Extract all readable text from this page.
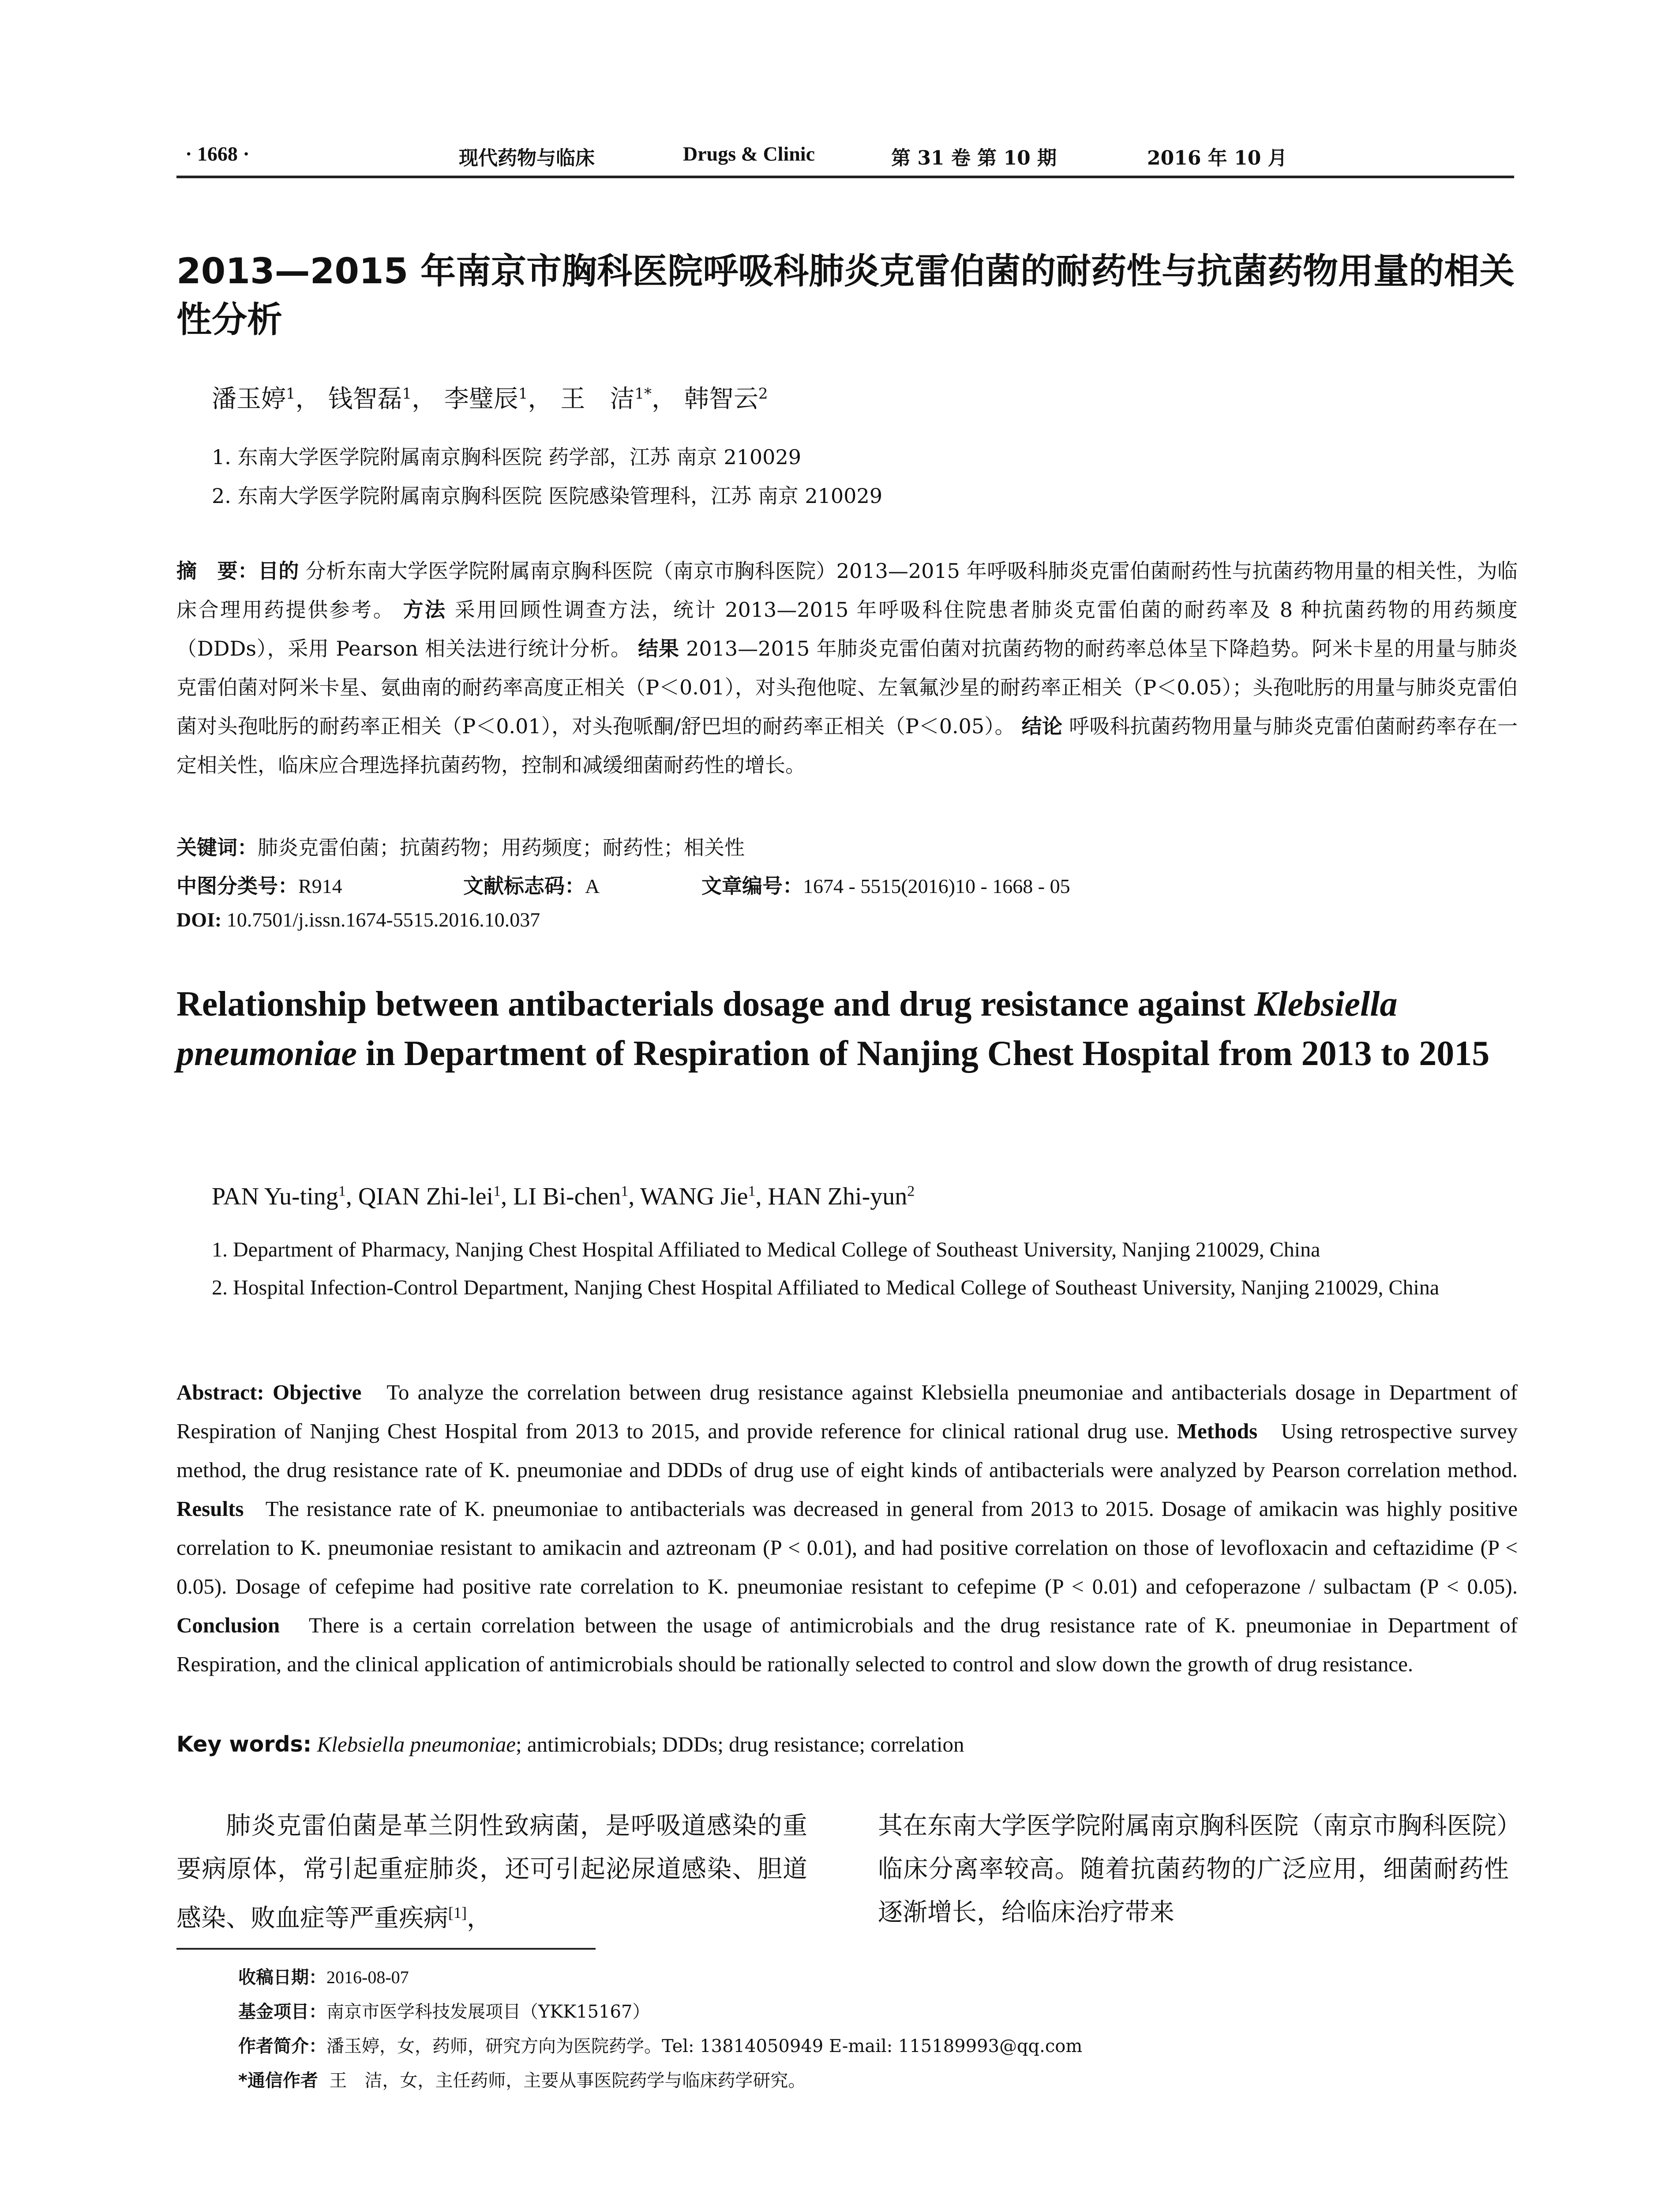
· 1668 ·	现代药物与临床	Drugs & Clinic	第 31 卷 第 10 期	2016 年 10 月
2013—2015 年南京市胸科医院呼吸科肺炎克雷伯菌的耐药性与抗菌药物用量的相关性分析
潘玉婷$^1$， 钱智磊$^1$， 李璧辰$^1$， 王　洁$^{1*}$， 韩智云$^2$
1. 东南大学医学院附属南京胸科医院 药学部，江苏 南京 210029
2. 东南大学医学院附属南京胸科医院 医院感染管理科，江苏 南京 210029
摘　要：目的 分析东南大学医学院附属南京胸科医院（南京市胸科医院）2013—2015 年呼吸科肺炎克雷伯菌耐药性与抗菌药物用量的相关性，为临床合理用药提供参考。 方法 采用回顾性调查方法，统计 2013—2015 年呼吸科住院患者肺炎克雷伯菌的耐药率及 8 种抗菌药物的用药频度（DDDs），采用 Pearson 相关法进行统计分析。 结果 2013—2015 年肺炎克雷伯菌对抗菌药物的耐药率总体呈下降趋势。阿米卡星的用量与肺炎克雷伯菌对阿米卡星、氨曲南的耐药率高度正相关（P＜0.01），对头孢他啶、左氧氟沙星的耐药率正相关（P＜0.05）；头孢吡肟的用量与肺炎克雷伯菌对头孢吡肟的耐药率正相关（P＜0.01），对头孢哌酮/舒巴坦的耐药率正相关（P＜0.05）。 结论 呼吸科抗菌药物用量与肺炎克雷伯菌耐药率存在一定相关性，临床应合理选择抗菌药物，控制和减缓细菌耐药性的增长。
关键词：肺炎克雷伯菌；抗菌药物；用药频度；耐药性；相关性
中图分类号：R914	文献标志码：A	文章编号：1674 - 5515(2016)10 - 1668 - 05
DOI: 10.7501/j.issn.1674-5515.2016.10.037
Relationship between antibacterials dosage and drug resistance against Klebsiella pneumoniae in Department of Respiration of Nanjing Chest Hospital from 2013 to 2015
PAN Yu-ting$^1$, QIAN Zhi-lei$^1$, LI Bi-chen$^1$, WANG Jie$^1$, HAN Zhi-yun$^2$
1. Department of Pharmacy, Nanjing Chest Hospital Affiliated to Medical College of Southeast University, Nanjing 210029, China
2. Hospital Infection-Control Department, Nanjing Chest Hospital Affiliated to Medical College of Southeast University, Nanjing 210029, China
Abstract: Objective To analyze the correlation between drug resistance against Klebsiella pneumoniae and antibacterials dosage in Department of Respiration of Nanjing Chest Hospital from 2013 to 2015, and provide reference for clinical rational drug use. Methods Using retrospective survey method, the drug resistance rate of K. pneumoniae and DDDs of drug use of eight kinds of antibacterials were analyzed by Pearson correlation method. Results The resistance rate of K. pneumoniae to antibacterials was decreased in general from 2013 to 2015. Dosage of amikacin was highly positive correlation to K. pneumoniae resistant to amikacin and aztreonam (P < 0.01), and had positive correlation on those of levofloxacin and ceftazidime (P < 0.05). Dosage of cefepime had positive rate correlation to K. pneumoniae resistant to cefepime (P < 0.01) and cefoperazone / sulbactam (P < 0.05). Conclusion There is a certain correlation between the usage of antimicrobials and the drug resistance rate of K. pneumoniae in Department of Respiration, and the clinical application of antimicrobials should be rationally selected to control and slow down the growth of drug resistance.
Key words: Klebsiella pneumoniae; antimicrobials; DDDs; drug resistance; correlation
肺炎克雷伯菌是革兰阴性致病菌，是呼吸道感染的重要病原体，常引起重症肺炎，还可引起泌尿道感染、胆道感染、败血症等严重疾病[1]，
其在东南大学医学院附属南京胸科医院（南京市胸科医院）临床分离率较高。随着抗菌药物的广泛应用，细菌耐药性逐渐增长，给临床治疗带来
收稿日期：2016-08-07
基金项目：南京市医学科技发展项目（YKK15167）
作者简介：潘玉婷，女，药师，研究方向为医院药学。Tel: 13814050949 E-mail: 115189993@qq.com
*通信作者 王　洁，女，主任药师，主要从事医院药学与临床药学研究。
